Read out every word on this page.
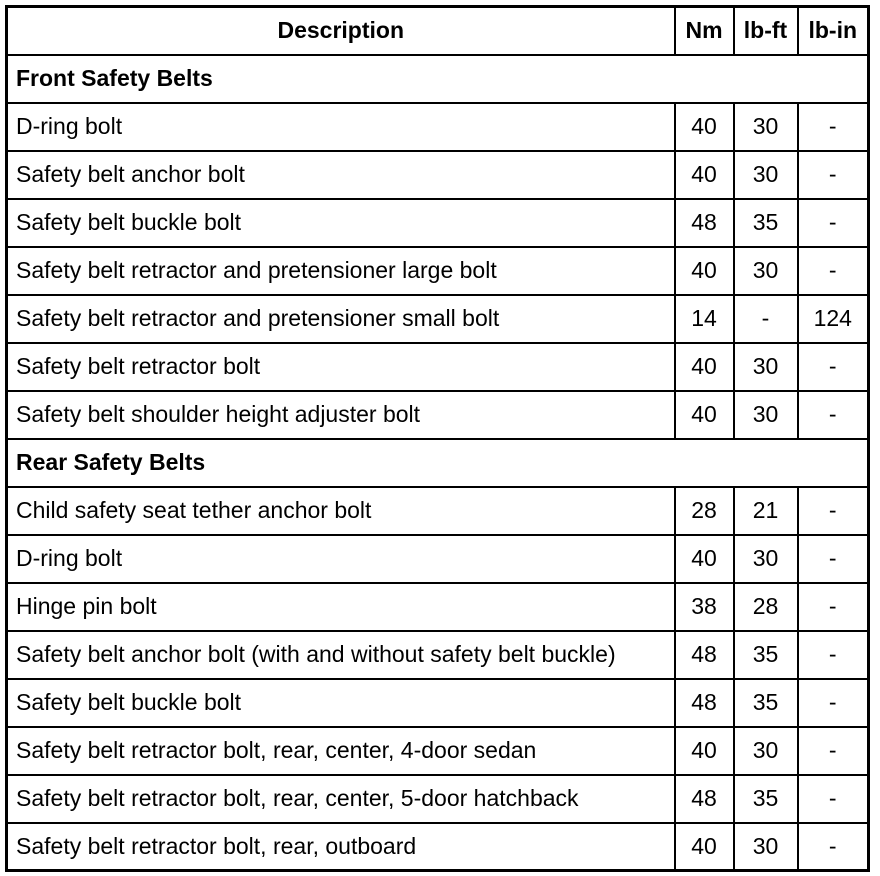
Description	Nm	lb-ft	lb-in
Front Safety Belts			
D-ring bolt	40	30	-
Safety belt anchor bolt	40	30	-
Safety belt buckle bolt	48	35	-
Safety belt retractor and pretensioner large bolt	40	30	-
Safety belt retractor and pretensioner small bolt	14	-	124
Safety belt retractor bolt	40	30	-
Safety belt shoulder height adjuster bolt	40	30	-
Rear Safety Belts			
Child safety seat tether anchor bolt	28	21	-
D-ring bolt	40	30	-
Hinge pin bolt	38	28	-
Safety belt anchor bolt (with and without safety belt buckle)	48	35	-
Safety belt buckle bolt	48	35	-
Safety belt retractor bolt, rear, center, 4-door sedan	40	30	-
Safety belt retractor bolt, rear, center, 5-door hatchback	48	35	-
Safety belt retractor bolt, rear, outboard	40	30	-
